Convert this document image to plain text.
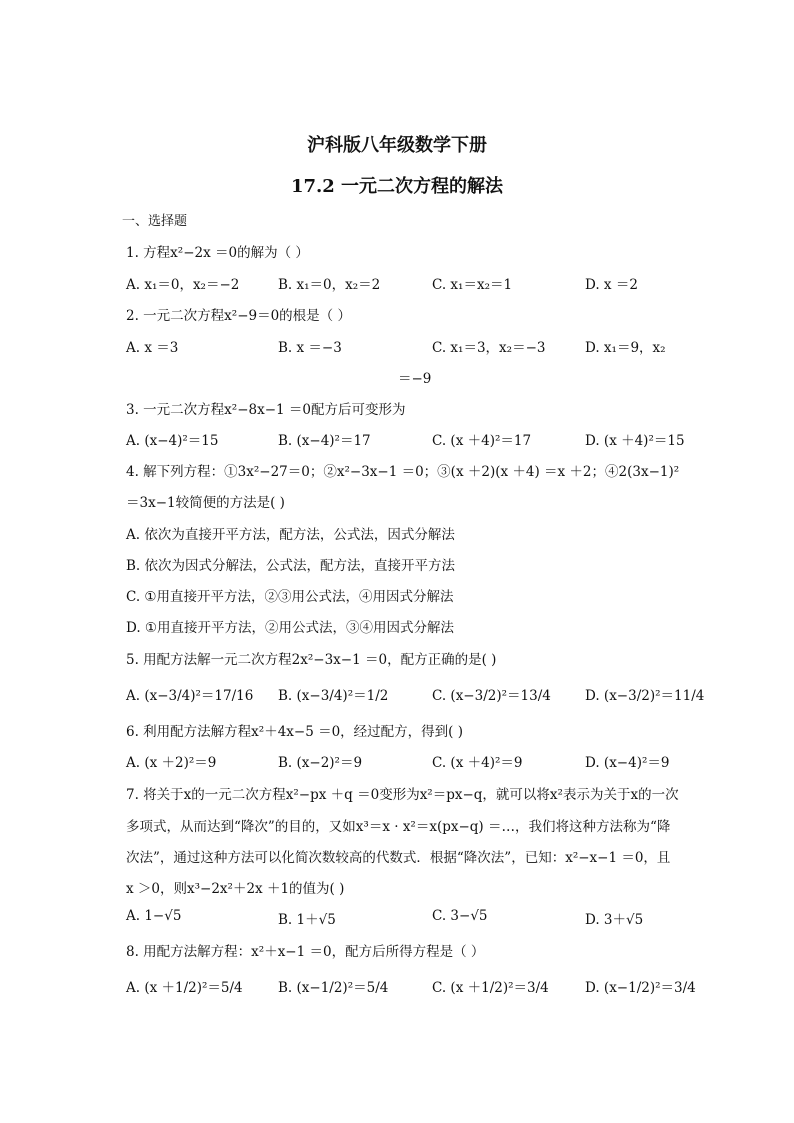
沪科版八年级数学下册
17.2 一元二次方程的解法
一、选择题
1. 方程x²−2x ＝0的解为（ ）
A. x₁＝0，x₂＝−2	B. x₁＝0，x₂＝2	C. x₁＝x₂＝1	D. x ＝2
2. 一元二次方程x²−9＝0的根是（ ）
A. x ＝3	B. x ＝−3	C. x₁＝3，x₂＝−3	D. x₁＝9，x₂
＝−9
3. 一元二次方程x²−8x−1 ＝0配方后可变形为
A. (x−4)²＝15	B. (x−4)²＝17	C. (x ＋4)²＝17	D. (x ＋4)²＝15
4. 解下列方程：①3x²−27＝0；②x²−3x−1 ＝0；③(x ＋2)(x ＋4) ＝x ＋2；④2(3x−1)²
＝3x−1较简便的方法是( )
A. 依次为直接开平方法，配方法，公式法，因式分解法
B. 依次为因式分解法，公式法，配方法，直接开平方法
C. ①用直接开平方法，②③用公式法，④用因式分解法
D. ①用直接开平方法，②用公式法，③④用因式分解法
5. 用配方法解一元二次方程2x²−3x−1 ＝0，配方正确的是( )
A. (x−3/4)²＝17/16 B. (x−3/4)²＝1/2	C. (x−3/2)²＝13/4	D. (x−3/2)²＝11/4
6. 利用配方法解方程x²＋4x−5 ＝0，经过配方，得到( )
A. (x ＋2)²＝9	B. (x−2)²＝9	C. (x ＋4)²＝9	D. (x−4)²＝9
7. 将关于x的一元二次方程x²−px ＋q ＝0变形为x²＝px−q，就可以将x²表示为关于x的一次
多项式，从而达到“降次”的目的，又如x³＝x · x²＝x(px−q) ＝…，我们将这种方法称为“降
次法”，通过这种方法可以化简次数较高的代数式．根据“降次法”，已知：x²−x−1 ＝0，且
x ＞0，则x³−2x²＋2x ＋1的值为( )
A. 1−√5	B. 1＋√5	C. 3−√5	D. 3＋√5
8. 用配方法解方程：x²＋x−1 ＝0，配方后所得方程是（ ）
A. (x ＋1/2)²＝5/4	B. (x−1/2)²＝5/4	C. (x ＋1/2)²＝3/4	D. (x−1/2)²＝3/4
